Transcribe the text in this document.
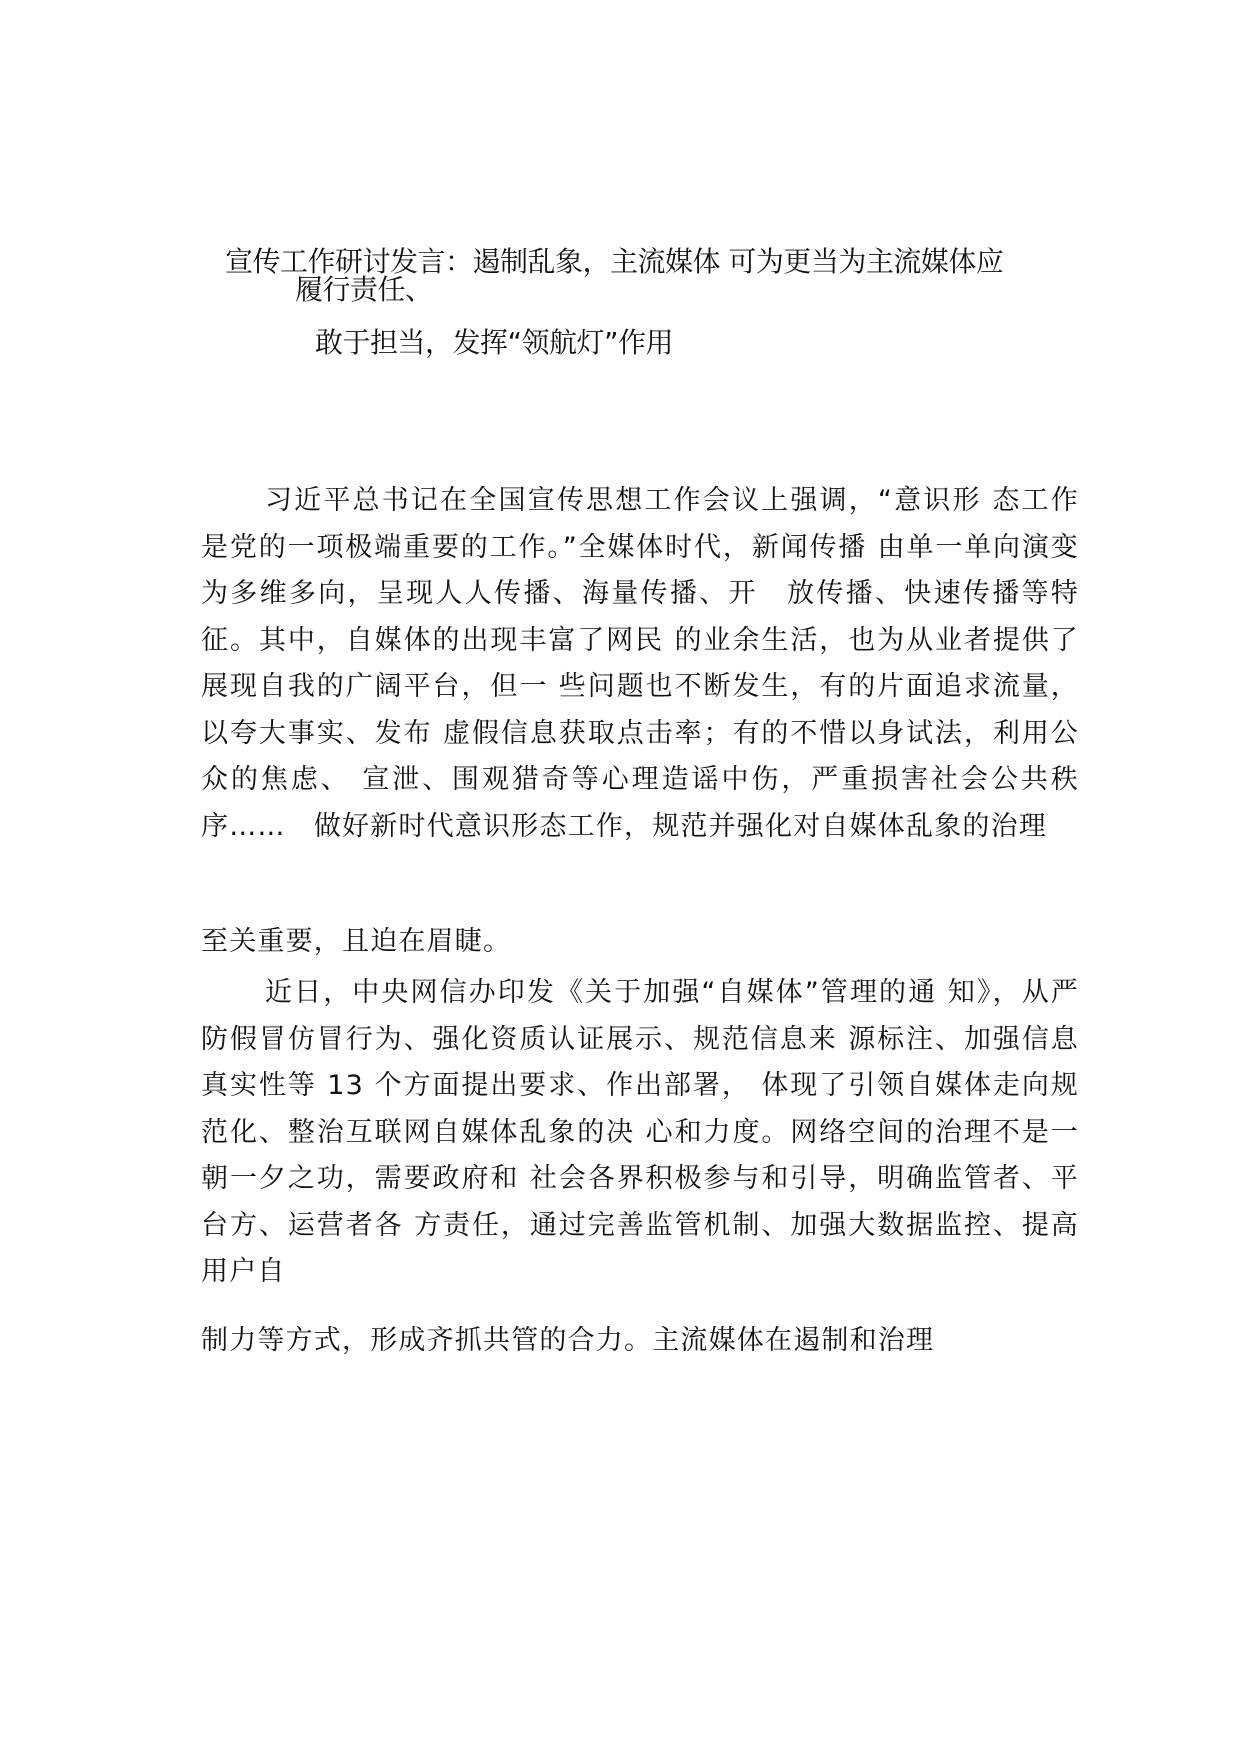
宣传工作研讨发言：遏制乱象，主流媒体 可为更当为主流媒体应
履行责任、
敢于担当，发挥“领航灯”作用

习近平总书记在全国宣传思想工作会议上强调，“意识形 态工作是党的一项极端重要的工作。”全媒体时代，新闻传播 由单一单向演变为多维多向，呈现人人传播、海量传播、开　放传播、快速传播等特征。其中，自媒体的出现丰富了网民 的业余生活，也为从业者提供了展现自我的广阔平台，但一 些问题也不断发生，有的片面追求流量，以夸大事实、发布 虚假信息获取点击率；有的不惜以身试法，利用公众的焦虑、 宣泄、围观猎奇等心理造谣中伤，严重损害社会公共秩序……　做好新时代意识形态工作，规范并强化对自媒体乱象的治理

至关重要，且迫在眉睫。

近日，中央网信办印发《关于加强“自媒体”管理的通 知》，从严防假冒仿冒行为、强化资质认证展示、规范信息来 源标注、加强信息真实性等 13 个方面提出要求、作出部署， 体现了引领自媒体走向规范化、整治互联网自媒体乱象的决 心和力度。网络空间的治理不是一朝一夕之功，需要政府和 社会各界积极参与和引导，明确监管者、平台方、运营者各 方责任，通过完善监管机制、加强大数据监控、提高用户自

制力等方式，形成齐抓共管的合力。主流媒体在遏制和治理
